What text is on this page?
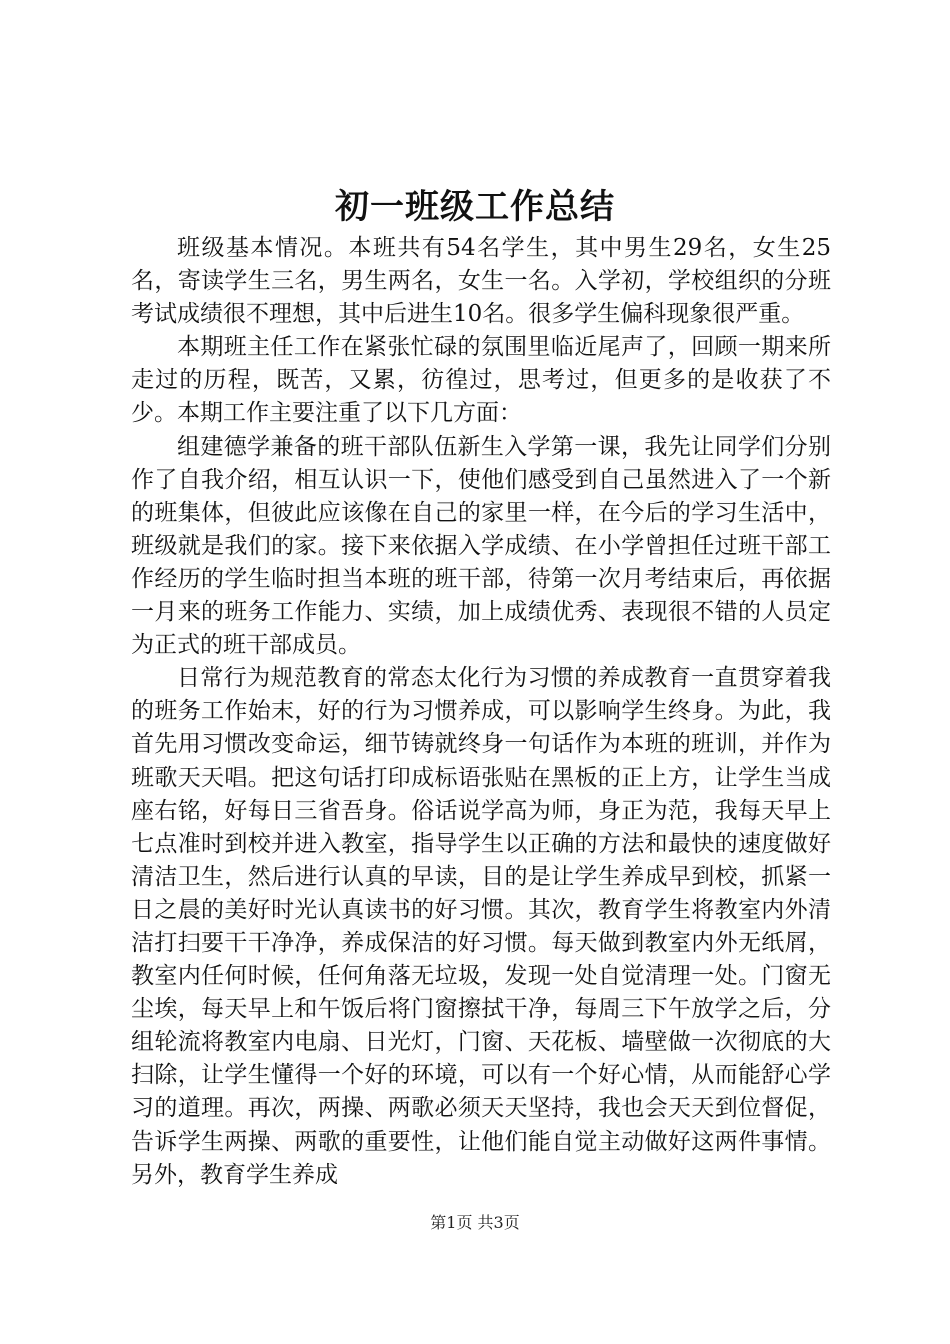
初一班级工作总结

班级基本情况。本班共有54名学生，其中男生29名，女生25名，寄读学生三名，男生两名，女生一名。入学初，学校组织的分班考试成绩很不理想，其中后进生10名。很多学生偏科现象很严重。

本期班主任工作在紧张忙碌的氛围里临近尾声了，回顾一期来所走过的历程，既苦，又累，彷徨过，思考过，但更多的是收获了不少。本期工作主要注重了以下几方面：

组建德学兼备的班干部队伍新生入学第一课，我先让同学们分别作了自我介绍，相互认识一下，使他们感受到自己虽然进入了一个新的班集体，但彼此应该像在自己的家里一样，在今后的学习生活中，班级就是我们的家。接下来依据入学成绩、在小学曾担任过班干部工作经历的学生临时担当本班的班干部，待第一次月考结束后，再依据一月来的班务工作能力、实绩，加上成绩优秀、表现很不错的人员定为正式的班干部成员。

日常行为规范教育的常态太化行为习惯的养成教育一直贯穿着我的班务工作始末，好的行为习惯养成，可以影响学生终身。为此，我首先用习惯改变命运，细节铸就终身一句话作为本班的班训，并作为班歌天天唱。把这句话打印成标语张贴在黑板的正上方，让学生当成座右铭，好每日三省吾身。俗话说学高为师，身正为范，我每天早上七点准时到校并进入教室，指导学生以正确的方法和最快的速度做好清洁卫生，然后进行认真的早读，目的是让学生养成早到校，抓紧一日之晨的美好时光认真读书的好习惯。其次，教育学生将教室内外清洁打扫要干干净净，养成保洁的好习惯。每天做到教室内外无纸屑，教室内任何时候，任何角落无垃圾，发现一处自觉清理一处。门窗无尘埃，每天早上和午饭后将门窗擦拭干净，每周三下午放学之后，分组轮流将教室内电扇、日光灯，门窗、天花板、墙壁做一次彻底的大扫除，让学生懂得一个好的环境，可以有一个好心情，从而能舒心学习的道理。再次，两操、两歌必须天天坚持，我也会天天到位督促，告诉学生两操、两歌的重要性，让他们能自觉主动做好这两件事情。另外，教育学生养成

第1页 共3页
